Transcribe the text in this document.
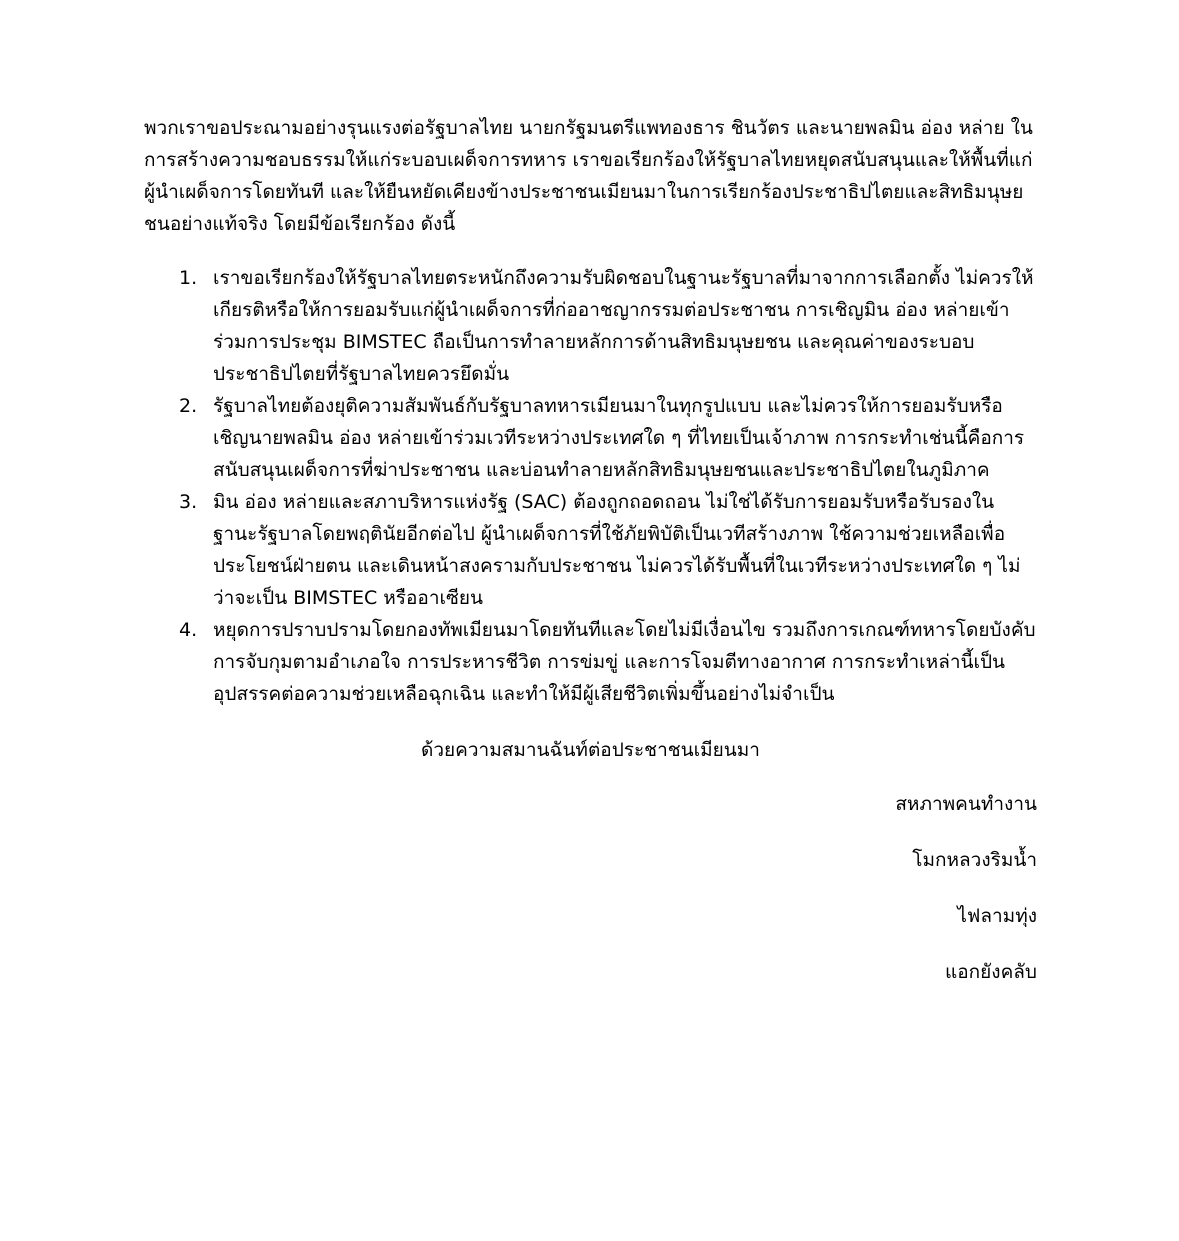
พวกเราขอประณามอย่างรุนแรงต่อรัฐบาลไทย นายกรัฐมนตรีแพทองธาร ชินวัตร และนายพลมิน อ่อง หล่าย ในการสร้างความชอบธรรมให้แก่ระบอบเผด็จการทหาร เราขอเรียกร้องให้รัฐบาลไทยหยุดสนับสนุนและให้พื้นที่แก่ผู้นำเผด็จการโดยทันที และให้ยืนหยัดเคียงข้างประชาชนเมียนมาในการเรียกร้องประชาธิปไตยและสิทธิมนุษยชนอย่างแท้จริง โดยมีข้อเรียกร้อง ดังนี้

1. เราขอเรียกร้องให้รัฐบาลไทยตระหนักถึงความรับผิดชอบในฐานะรัฐบาลที่มาจากการเลือกตั้ง ไม่ควรให้เกียรติหรือให้การยอมรับแก่ผู้นำเผด็จการที่ก่ออาชญากรรมต่อประชาชน การเชิญมิน อ่อง หล่ายเข้าร่วมการประชุม BIMSTEC ถือเป็นการทำลายหลักการด้านสิทธิมนุษยชน และคุณค่าของระบอบประชาธิปไตยที่รัฐบาลไทยควรยึดมั่น
2. รัฐบาลไทยต้องยุติความสัมพันธ์กับรัฐบาลทหารเมียนมาในทุกรูปแบบ และไม่ควรให้การยอมรับหรือเชิญนายพลมิน อ่อง หล่ายเข้าร่วมเวทีระหว่างประเทศใด ๆ ที่ไทยเป็นเจ้าภาพ การกระทำเช่นนี้คือการสนับสนุนเผด็จการที่ฆ่าประชาชน และบ่อนทำลายหลักสิทธิมนุษยชนและประชาธิปไตยในภูมิภาค
3. มิน อ่อง หล่ายและสภาบริหารแห่งรัฐ (SAC) ต้องถูกถอดถอน ไม่ใช่ได้รับการยอมรับหรือรับรองในฐานะรัฐบาลโดยพฤตินัยอีกต่อไป ผู้นำเผด็จการที่ใช้ภัยพิบัติเป็นเวทีสร้างภาพ ใช้ความช่วยเหลือเพื่อประโยชน์ฝ่ายตน และเดินหน้าสงครามกับประชาชน ไม่ควรได้รับพื้นที่ในเวทีระหว่างประเทศใด ๆ ไม่ว่าจะเป็น BIMSTEC หรืออาเซียน
4. หยุดการปราบปรามโดยกองทัพเมียนมาโดยทันทีและโดยไม่มีเงื่อนไข รวมถึงการเกณฑ์ทหารโดยบังคับ การจับกุมตามอำเภอใจ การประหารชีวิต การข่มขู่ และการโจมตีทางอากาศ การกระทำเหล่านี้เป็นอุปสรรคต่อความช่วยเหลือฉุกเฉิน และทำให้มีผู้เสียชีวิตเพิ่มขึ้นอย่างไม่จำเป็น

ด้วยความสมานฉันท์ต่อประชาชนเมียนมา

สหภาพคนทำงาน

โมกหลวงริมน้ำ

ไฟลามทุ่ง

แอกยังคลับ
